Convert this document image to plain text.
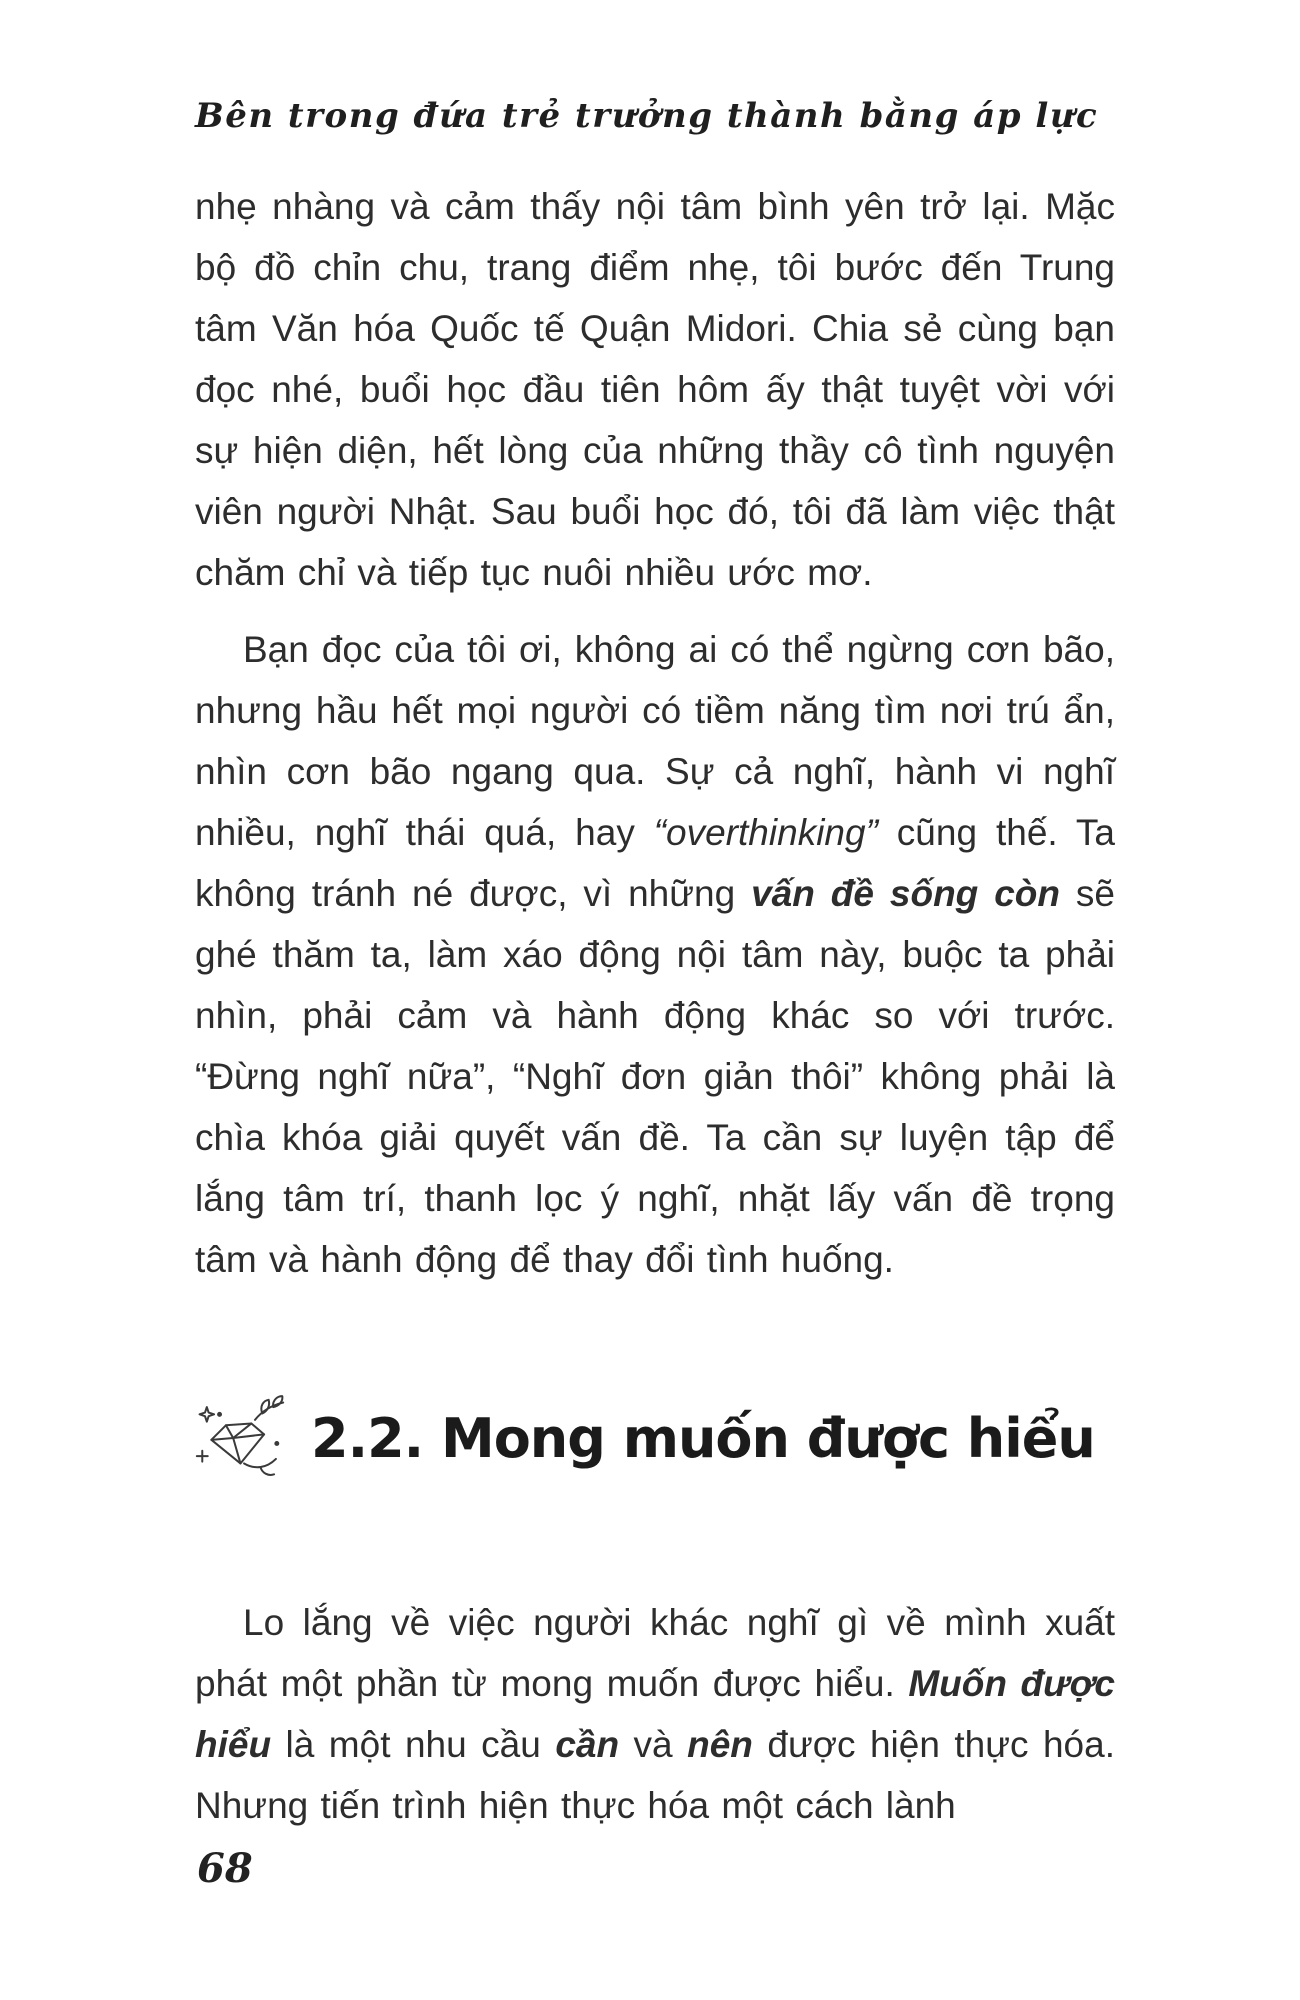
Bên trong đứa trẻ trưởng thành bằng áp lực

nhẹ nhàng và cảm thấy nội tâm bình yên trở lại. Mặc bộ đồ chỉn chu, trang điểm nhẹ, tôi bước đến Trung tâm Văn hóa Quốc tế Quận Midori. Chia sẻ cùng bạn đọc nhé, buổi học đầu tiên hôm ấy thật tuyệt vời với sự hiện diện, hết lòng của những thầy cô tình nguyện viên người Nhật. Sau buổi học đó, tôi đã làm việc thật chăm chỉ và tiếp tục nuôi nhiều ước mơ.

Bạn đọc của tôi ơi, không ai có thể ngừng cơn bão, nhưng hầu hết mọi người có tiềm năng tìm nơi trú ẩn, nhìn cơn bão ngang qua. Sự cả nghĩ, hành vi nghĩ nhiều, nghĩ thái quá, hay “overthinking” cũng thế. Ta không tránh né được, vì những vấn đề sống còn sẽ ghé thăm ta, làm xáo động nội tâm này, buộc ta phải nhìn, phải cảm và hành động khác so với trước. “Đừng nghĩ nữa”, “Nghĩ đơn giản thôi” không phải là chìa khóa giải quyết vấn đề. Ta cần sự luyện tập để lắng tâm trí, thanh lọc ý nghĩ, nhặt lấy vấn đề trọng tâm và hành động để thay đổi tình huống.

2.2. Mong muốn được hiểu

Lo lắng về việc người khác nghĩ gì về mình xuất phát một phần từ mong muốn được hiểu. Muốn được hiểu là một nhu cầu cần và nên được hiện thực hóa. Nhưng tiến trình hiện thực hóa một cách lành

68
